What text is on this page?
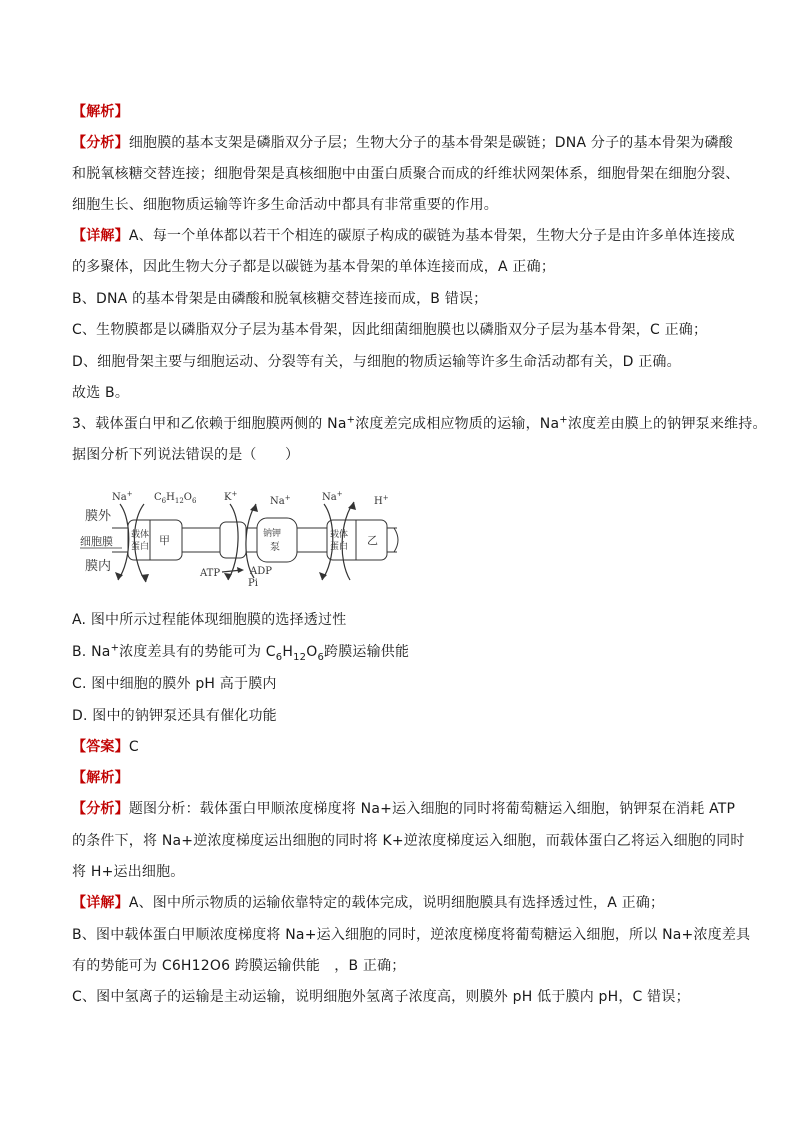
【解析】
【分析】细胞膜的基本支架是磷脂双分子层；生物大分子的基本骨架是碳链；DNA 分子的基本骨架为磷酸
和脱氧核糖交替连接；细胞骨架是真核细胞中由蛋白质聚合而成的纤维状网架体系，细胞骨架在细胞分裂、
细胞生长、细胞物质运输等许多生命活动中都具有非常重要的作用。
【详解】A、每一个单体都以若干个相连的碳原子构成的碳链为基本骨架，生物大分子是由许多单体连接成
的多聚体，因此生物大分子都是以碳链为基本骨架的单体连接而成，A 正确；
B、DNA 的基本骨架是由磷酸和脱氧核糖交替连接而成，B 错误；
C、生物膜都是以磷脂双分子层为基本骨架，因此细菌细胞膜也以磷脂双分子层为基本骨架，C 正确；
D、细胞骨架主要与细胞运动、分裂等有关，与细胞的物质运输等许多生命活动都有关，D 正确。
故选 B。
3、载体蛋白甲和乙依赖于细胞膜两侧的 Na+浓度差完成相应物质的运输，Na+浓度差由膜上的钠钾泵来维持。
据图分析下列说法错误的是（　　）
膜外
细胞膜
膜内
载体
蛋白 甲	钠钾
泵
载体
蛋白 乙
Na+ $C_6H_{12}O_6$	K+
Na+	Na+
H+
ATP	ADP
Pi
A. 图中所示过程能体现细胞膜的选择透过性
B. Na+浓度差具有的势能可为 $C_6H_{12}O_6$跨膜运输供能
C. 图中细胞的膜外 pH 高于膜内
D. 图中的钠钾泵还具有催化功能
【答案】C
【解析】
【分析】题图分析：载体蛋白甲顺浓度梯度将 Na+运入细胞的同时将葡萄糖运入细胞，钠钾泵在消耗 ATP
的条件下，将 Na+逆浓度梯度运出细胞的同时将 K+逆浓度梯度运入细胞，而载体蛋白乙将运入细胞的同时
将 H+运出细胞。
【详解】A、图中所示物质的运输依靠特定的载体完成，说明细胞膜具有选择透过性，A 正确；
B、图中载体蛋白甲顺浓度梯度将 Na+运入细胞的同时，逆浓度梯度将葡萄糖运入细胞，所以 Na+浓度差具
有的势能可为 C6H12O6 跨膜运输供能　，B 正确；
C、图中氢离子的运输是主动运输，说明细胞外氢离子浓度高，则膜外 pH 低于膜内 pH，C 错误；
